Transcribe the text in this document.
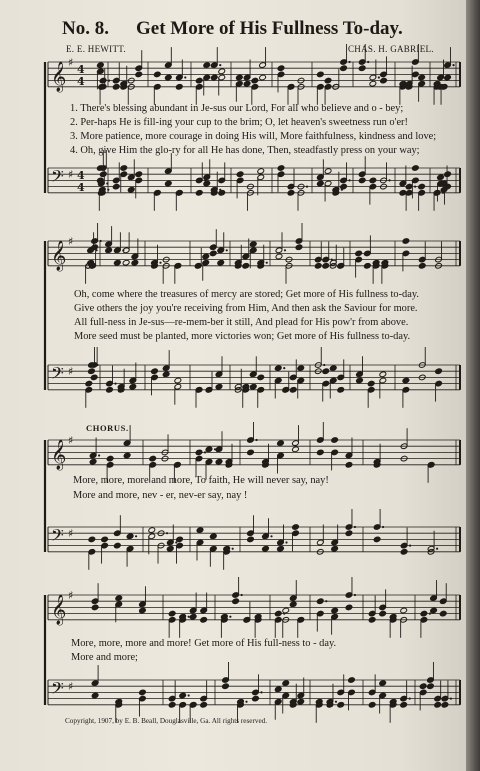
No. 8. Get More of His Fullness To-day.
E. E. HEWITT.	CHAS. H. GABRIEL.
𝄞 ♯
4
4
𝄢 ♯ 4
4
𝄞 ♯
𝄢 ♯
𝄞 ♯
𝄢 ♯
𝄞 ♯
𝄢 ♯
1. There's blessing abundant in Je-sus our Lord, For all who believe and o - bey;
2. Per-haps He is fill-ing your cup to the brim; O, let heaven's sweetness run o'er!
3. More patience, more courage in doing His will, More faithfulness, kindness and love;
4. Oh, give Him the glo-ry for all He has done, Then, steadfastly press on your way;
Oh, come where the treasures of mercy are stored; Get more of His fullness to-day.
Give others the joy you're receiving from Him, And then ask the Saviour for more.
All full-ness in Je-sus—re-mem-ber it still, And plead for His pow'r from above.
More seed must be planted, more victories won; Get more of His fullness to-day.
CHORUS.
More, more, more and more, To faith, He will never say, nay!
More and more, nev - er, nev-er say, nay !
More, more, more and more! Get more of His full-ness to - day.
More and more;
Copyright, 1907, by E. B. Beall, Douglasville, Ga. All rights reserved.
